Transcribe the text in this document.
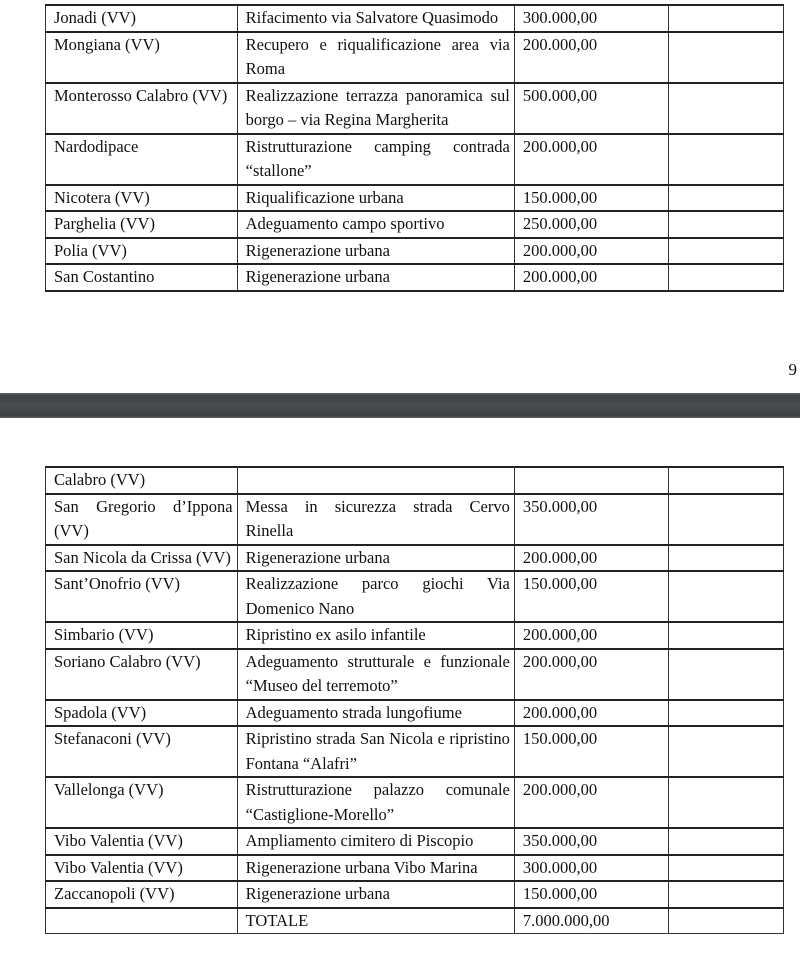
Jonadi (VV)	Rifacimento via Salvatore Quasimodo	300.000,00	
Mongiana (VV)	Recupero e riqualificazione area via Roma	200.000,00	
Monterosso Calabro (VV)	Realizzazione terrazza panoramica sul borgo – via Regina Margherita	500.000,00	
Nardodipace	Ristrutturazione camping contrada “stallone”	200.000,00	
Nicotera (VV)	Riqualificazione urbana	150.000,00	
Parghelia (VV)	Adeguamento campo sportivo	250.000,00	
Polia (VV)	Rigenerazione urbana	200.000,00	
San Costantino	Rigenerazione urbana	200.000,00	
9
Calabro (VV)			
San Gregorio d’Ippona (VV)	Messa in sicurezza strada Cervo Rinella	350.000,00	
San Nicola da Crissa (VV)	Rigenerazione urbana	200.000,00	
Sant’Onofrio (VV)	Realizzazione parco giochi Via Domenico Nano	150.000,00	
Simbario (VV)	Ripristino ex asilo infantile	200.000,00	
Soriano Calabro (VV)	Adeguamento strutturale e funzionale “Museo del terremoto”	200.000,00	
Spadola (VV)	Adeguamento strada lungofiume	200.000,00	
Stefanaconi (VV)	Ripristino strada San Nicola e ripristino Fontana “Alafri”	150.000,00	
Vallelonga (VV)	Ristrutturazione palazzo comunale “Castiglione-Morello”	200.000,00	
Vibo Valentia (VV)	Ampliamento cimitero di Piscopio	350.000,00	
Vibo Valentia (VV)	Rigenerazione urbana Vibo Marina	300.000,00	
Zaccanopoli (VV)	Rigenerazione urbana	150.000,00	
	TOTALE	7.000.000,00	
